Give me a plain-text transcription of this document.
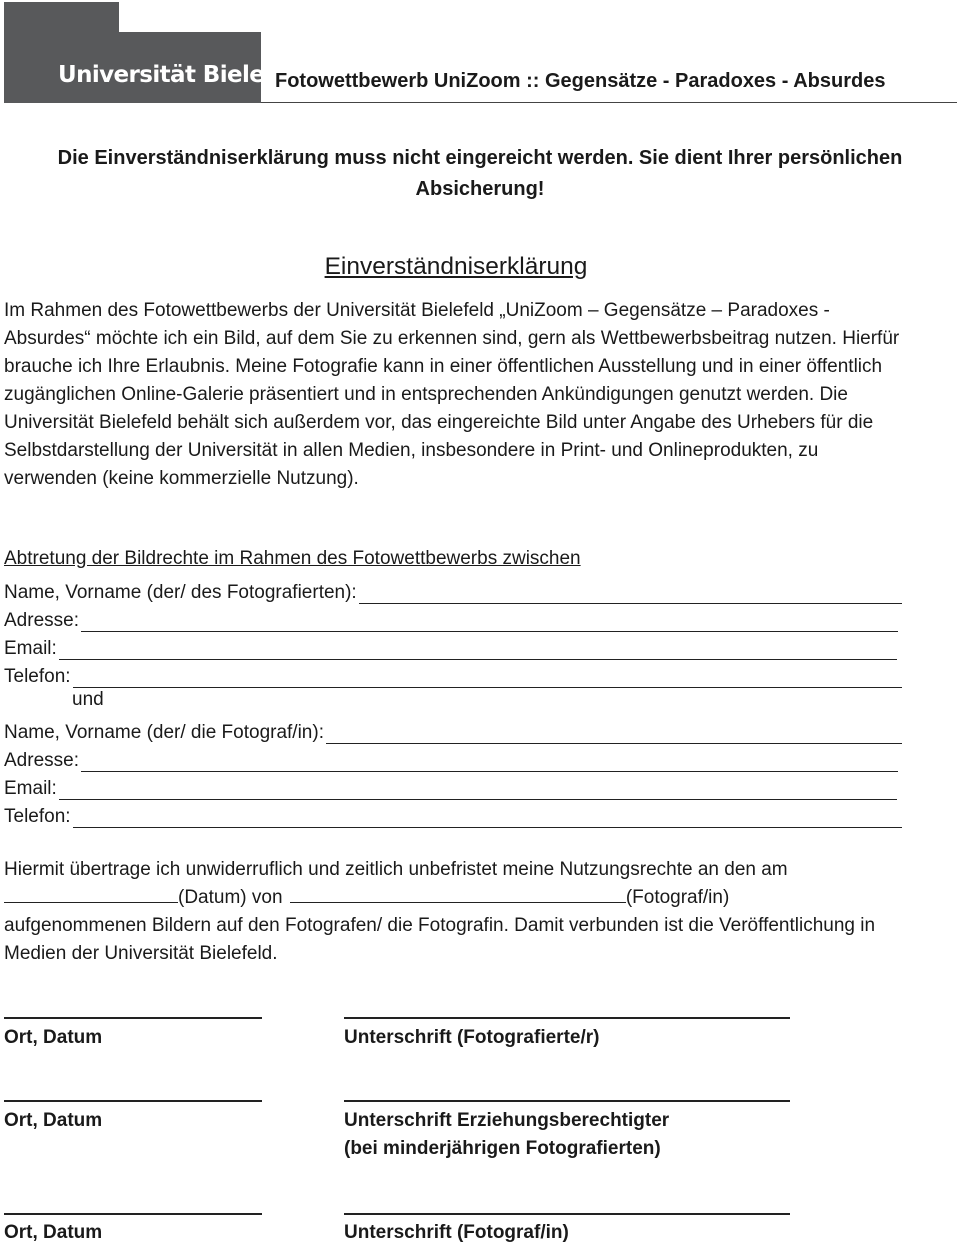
Universität Bielefeld
Fotowettbewerb UniZoom :: Gegensätze - Paradoxes - Absurdes
Die Einverständniserklärung muss nicht eingereicht werden. Sie dient Ihrer persönlichen Absicherung!
Einverständniserklärung

Im Rahmen des Fotowettbewerbs der Universität Bielefeld „UniZoom – Gegensätze – Paradoxes - Absurdes“ möchte ich ein Bild, auf dem Sie zu erkennen sind, gern als Wettbewerbsbeitrag nutzen. Hierfür brauche ich Ihre Erlaubnis. Meine Fotografie kann in einer öffentlichen Ausstellung und in einer öffentlich zugänglichen Online-Galerie präsentiert und in entsprechenden Ankündigungen genutzt werden. Die Universität Bielefeld behält sich außerdem vor, das eingereichte Bild unter Angabe des Urhebers für die Selbstdarstellung der Universität in allen Medien, insbesondere in Print- und Onlineprodukten, zu verwenden (keine kommerzielle Nutzung).

Abtretung der Bildrechte im Rahmen des Fotowettbewerbs zwischen
Name, Vorname (der/ des Fotografierten):
Adresse:
Email:
Telefon:
und
Name, Vorname (der/ die Fotograf/in):
Adresse:
Email:
Telefon:
Hiermit übertrage ich unwiderruflich und zeitlich unbefristet meine Nutzungsrechte an den am
(Datum) von	(Fotograf/in)
aufgenommenen Bildern auf den Fotografen/ die Fotografin. Damit verbunden ist die Veröffentlichung in Medien der Universität Bielefeld.
Ort, Datum	Unterschrift (Fotografierte/r)
Ort, Datum	Unterschrift Erziehungsberechtigter
(bei minderjährigen Fotografierten)
Ort, Datum	Unterschrift (Fotograf/in)
